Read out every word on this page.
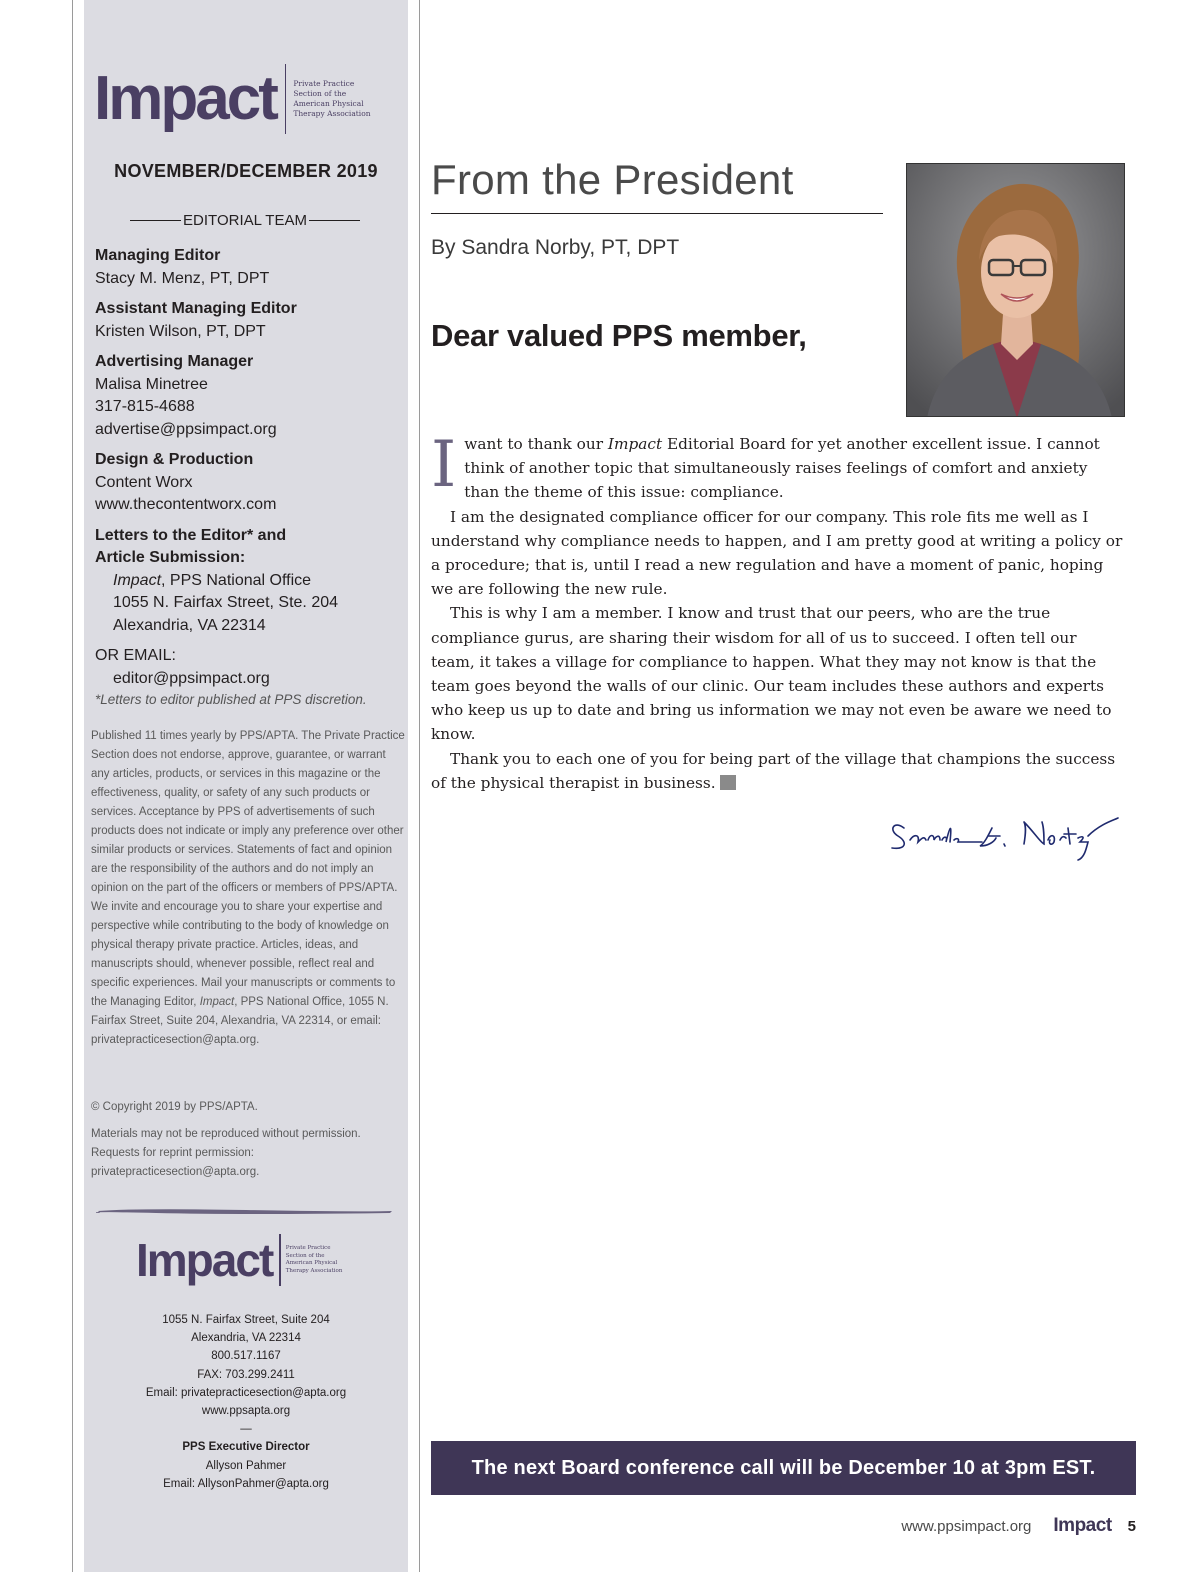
Impact Private Practice
Section of the
American Physical
Therapy Association
NOVEMBER/DECEMBER 2019
EDITORIAL TEAM
Managing Editor
Stacy M. Menz, PT, DPT
Assistant Managing Editor
Kristen Wilson, PT, DPT
Advertising Manager
Malisa Minetree
317-815-4688
advertise@ppsimpact.org
Design & Production
Content Worx
www.thecontentworx.com
Letters to the Editor* and
Article Submission:
Impact, PPS National Office
1055 N. Fairfax Street, Ste. 204
Alexandria, VA 22314
OR EMAIL:
editor@ppsimpact.org
*Letters to editor published at PPS discretion.
Published 11 times yearly by PPS/APTA. The Private Practice Section does not endorse, approve, guarantee, or warrant any articles, products, or services in this magazine or the effectiveness, quality, or safety of any such products or services. Acceptance by PPS of advertisements of such products does not indicate or imply any preference over other similar products or services. Statements of fact and opinion are the responsibility of the authors and do not imply an opinion on the part of the officers or members of PPS/APTA. We invite and encourage you to share your expertise and perspective while contributing to the body of knowledge on physical therapy private practice. Articles, ideas, and manuscripts should, whenever possible, reflect real and specific experiences. Mail your manuscripts or comments to the Managing Editor, Impact, PPS National Office, 1055 N. Fairfax Street, Suite 204, Alexandria, VA 22314, or email: privatepracticesection@apta.org.
© Copyright 2019 by PPS/APTA.
Materials may not be reproduced without permission. Requests for reprint permission: privatepracticesection@apta.org.
Impact Private Practice
Section of the
American Physical
Therapy Association
1055 N. Fairfax Street, Suite 204
Alexandria, VA 22314
800.517.1167
FAX: 703.299.2411
Email: privatepracticesection@apta.org
www.ppsapta.org
—
PPS Executive Director
Allyson Pahmer
Email: AllysonPahmer@apta.org
From the President
By Sandra Norby, PT, DPT
Dear valued PPS member,

Iwant to thank our Impact Editorial Board for yet another excellent issue. I cannot think of another topic that simultaneously raises feelings of comfort and anxiety than the theme of this issue: compliance.

I am the designated compliance officer for our company. This role fits me well as I understand why compliance needs to happen, and I am pretty good at writing a policy or a procedure; that is, until I read a new regulation and have a moment of panic, hoping we are following the new rule.

This is why I am a member. I know and trust that our peers, who are the true compliance gurus, are sharing their wisdom for all of us to succeed. I often tell our team, it takes a village for compliance to happen. What they may not know is that the team goes beyond the walls of our clinic. Our team includes these authors and experts who keep us up to date and bring us information we may not even be aware we need to know.

Thank you to each one of you for being part of the village that champions the success of the physical therapist in business. I

The next Board conference call will be December 10 at 3pm EST.
www.ppsimpact.org Impact 5
